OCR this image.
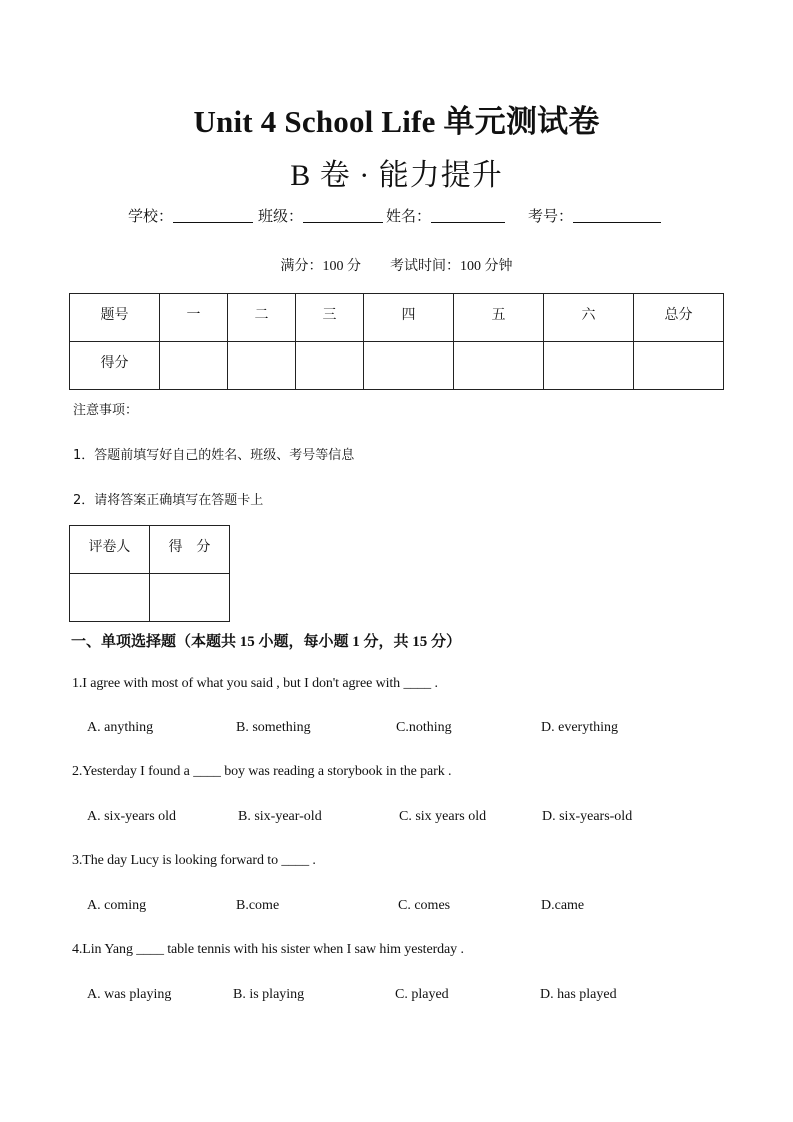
Unit 4 School Life 单元测试卷
B 卷 · 能力提升
学校：	班级：	姓名：	考号：
满分：100 分 考试时间：100 分钟
题号	一	二	三	四	五	六	总分
得分							
注意事项：
1．答题前填写好自己的姓名、班级、考号等信息
2．请将答案正确填写在答题卡上
评卷人	得　分

一、单项选择题（本题共 15 小题，每小题 1 分，共 15 分）
1.I agree with most of what you said , but I don't agree with ____ .
A. anything	B. something	C.nothing	D. everything
2.Yesterday I found a ____ boy was reading a storybook in the park .
A. six-years old	B. six-year-old	C. six years old	D. six-years-old
3.The day Lucy is looking forward to ____ .
A. coming	B.come	C. comes	D.came
4.Lin Yang ____ table tennis with his sister when I saw him yesterday .
A. was playing	B. is playing	C. played	D. has played
